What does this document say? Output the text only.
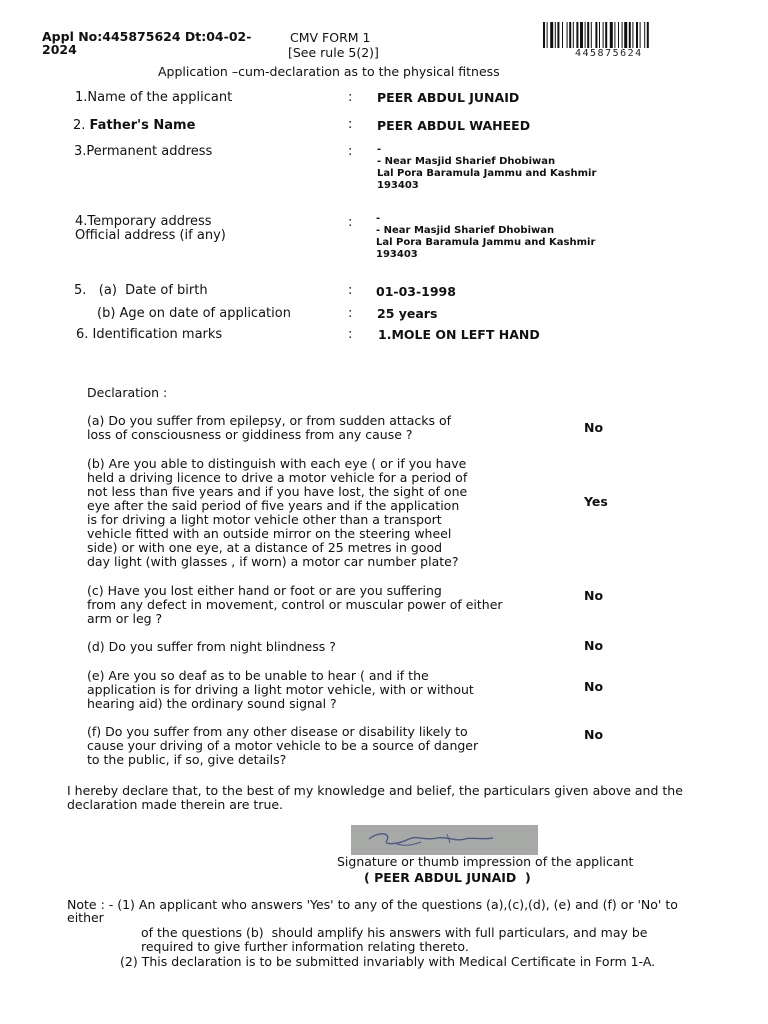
Appl No:445875624 Dt:04-02-2024
CMV FORM 1
[See rule 5(2)]
Application –cum-declaration as to the physical fitness
445875624
1.Name of the applicant	: PEER ABDUL JUNAID
2. Father's Name	: PEER ABDUL WAHEED
3.Permanent address	: -
- Near Masjid Sharief Dhobiwan
Lal Pora Baramula Jammu and Kashmir
193403
4.Temporary address
Official address (if any)
: -
- Near Masjid Sharief Dhobiwan
Lal Pora Baramula Jammu and Kashmir
193403
5.   (a)  Date of birth	: 01-03-1998
(b) Age on date of application	: 25 years
6. Identification marks	: 1.MOLE ON LEFT HAND
Declaration :
(a) Do you suffer from epilepsy, or from sudden attacks of
loss of consciousness or giddiness from any cause ?	No
(b) Are you able to distinguish with each eye ( or if you have
held a driving licence to drive a motor vehicle for a period of
not less than five years and if you have lost, the sight of one
eye after the said period of five years and if the application
is for driving a light motor vehicle other than a transport
vehicle fitted with an outside mirror on the steering wheel
side) or with one eye, at a distance of 25 metres in good
day light (with glasses , if worn) a motor car number plate?
Yes
(c) Have you lost either hand or foot or are you suffering
from any defect in movement, control or muscular power of either
arm or leg ?
No
(d) Do you suffer from night blindness ?	No
(e) Are you so deaf as to be unable to hear ( and if the
application is for driving a light motor vehicle, with or without
hearing aid) the ordinary sound signal ?
No
(f) Do you suffer from any other disease or disability likely to
cause your driving of a motor vehicle to be a source of danger
to the public, if so, give details?
No
I hereby declare that, to the best of my knowledge and belief, the particulars given above and the declaration made therein are true.
Signature or thumb impression of the applicant
( PEER ABDUL JUNAID  )
Note : - (1) An applicant who answers 'Yes' to any of the questions (a),(c),(d), (e) and (f) or 'No' to
either
of the questions (b)  should amplify his answers with full particulars, and may be
required to give further information relating thereto.
(2) This declaration is to be submitted invariably with Medical Certificate in Form 1-A.
